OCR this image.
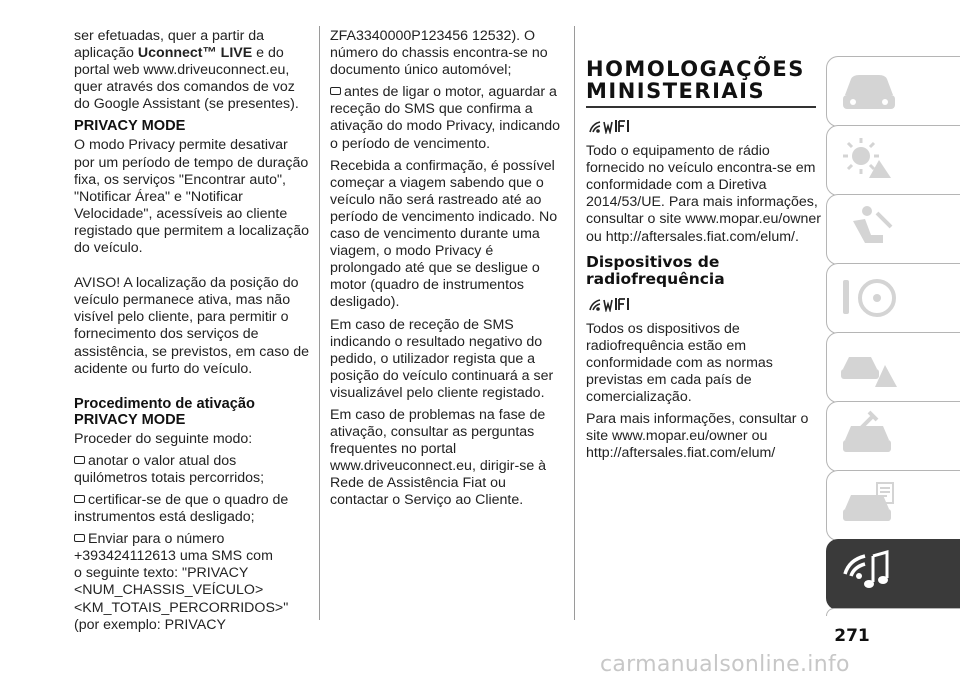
ser efetuadas, quer a partir da aplicação Uconnect™ LIVE e do portal web www.driveuconnect.eu, quer através dos comandos de voz do Google Assistant (se presentes).

PRIVACY MODE

O modo Privacy permite desativar por um período de tempo de duração fixa, os serviços "Encontrar auto", "Notificar Área" e "Notificar Velocidade", acessíveis ao cliente registado que permitem a localização do veículo.

AVISO! A localização da posição do veículo permanece ativa, mas não visível pelo cliente, para permitir o fornecimento dos serviços de assistência, se previstos, em caso de acidente ou furto do veículo.

Procedimento de ativação
PRIVACY MODE

Proceder do seguinte modo:

anotar o valor atual dos quilómetros totais percorridos;

certificar-se de que o quadro de instrumentos está desligado;

Enviar para o número
+393424112613 uma SMS com
o seguinte texto: "PRIVACY
<NUM_CHASSIS_VEÍCULO>
<KM_TOTAIS_PERCORRIDOS>"
(por exemplo: PRIVACY

ZFA3340000P123456 12532). O número do chassis encontra-se no documento único automóvel;

antes de ligar o motor, aguardar a receção do SMS que confirma a ativação do modo Privacy, indicando o período de vencimento.

Recebida a confirmação, é possível começar a viagem sabendo que o veículo não será rastreado até ao período de vencimento indicado. No caso de vencimento durante uma viagem, o modo Privacy é prolongado até que se desligue o motor (quadro de instrumentos desligado).

Em caso de receção de SMS indicando o resultado negativo do pedido, o utilizador regista que a posição do veículo continuará a ser visualizável pelo cliente registado.

Em caso de problemas na fase de ativação, consultar as perguntas frequentes no portal www.driveuconnect.eu, dirigir-se à Rede de Assistência Fiat ou contactar o Serviço ao Cliente.

HOMOLOGAÇÕES
MINISTERIAIS

Todo o equipamento de rádio fornecido no veículo encontra-se em conformidade com a Diretiva 2014/53/UE. Para mais informações, consultar o site www.mopar.eu/owner ou http://aftersales.fiat.com/elum/.

Dispositivos de
radiofrequência

Todos os dispositivos de radiofrequência estão em conformidade com as normas previstas em cada país de comercialização.

Para mais informações, consultar o site www.mopar.eu/owner ou http://aftersales.fiat.com/elum/

271
carmanualsonline.info
